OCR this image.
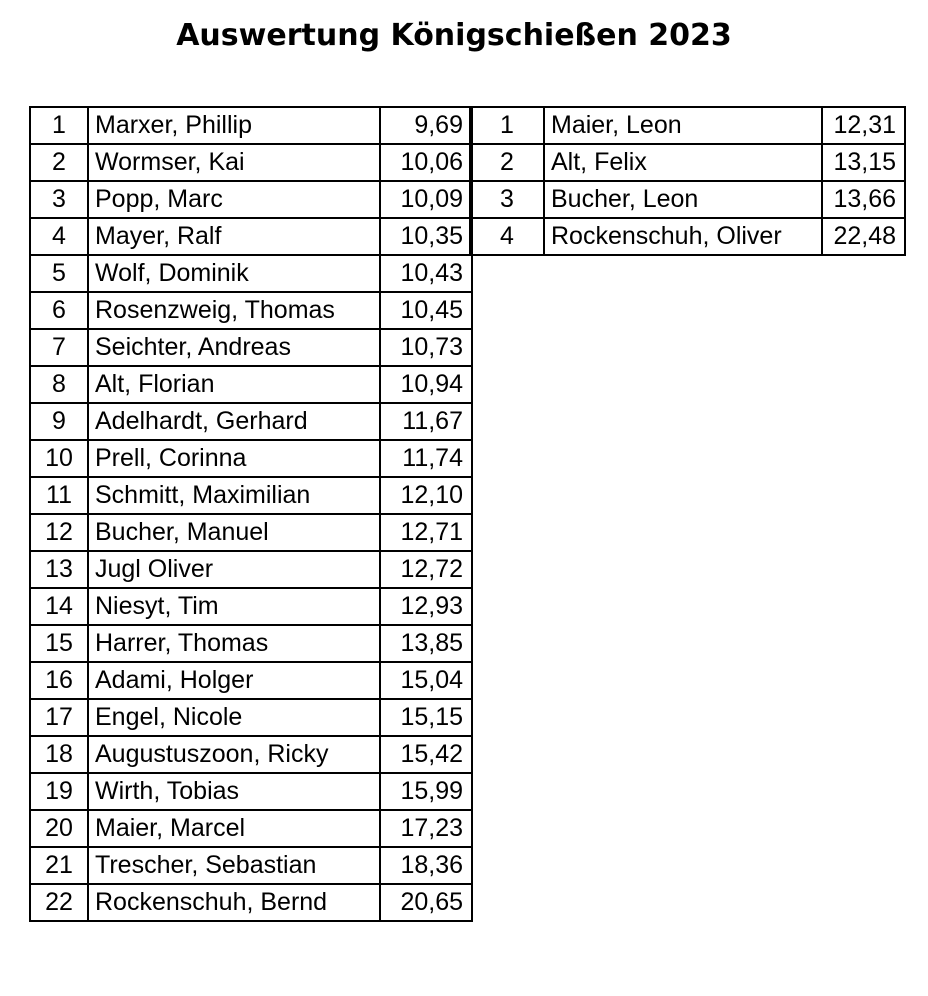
Auswertung Königschießen 2023
1	Marxer, Phillip	9,69
2	Wormser, Kai	10,06
3	Popp, Marc	10,09
4	Mayer, Ralf	10,35
5	Wolf, Dominik	10,43
6	Rosenzweig, Thomas	10,45
7	Seichter, Andreas	10,73
8	Alt, Florian	10,94
9	Adelhardt, Gerhard	11,67
10	Prell, Corinna	11,74
11	Schmitt, Maximilian	12,10
12	Bucher, Manuel	12,71
13	Jugl Oliver	12,72
14	Niesyt, Tim	12,93
15	Harrer, Thomas	13,85
16	Adami, Holger	15,04
17	Engel, Nicole	15,15
18	Augustuszoon, Ricky	15,42
19	Wirth, Tobias	15,99
20	Maier, Marcel	17,23
21	Trescher, Sebastian	18,36
22	Rockenschuh, Bernd	20,65
1	Maier, Leon	12,31
2	Alt, Felix	13,15
3	Bucher, Leon	13,66
4	Rockenschuh, Oliver	22,48
